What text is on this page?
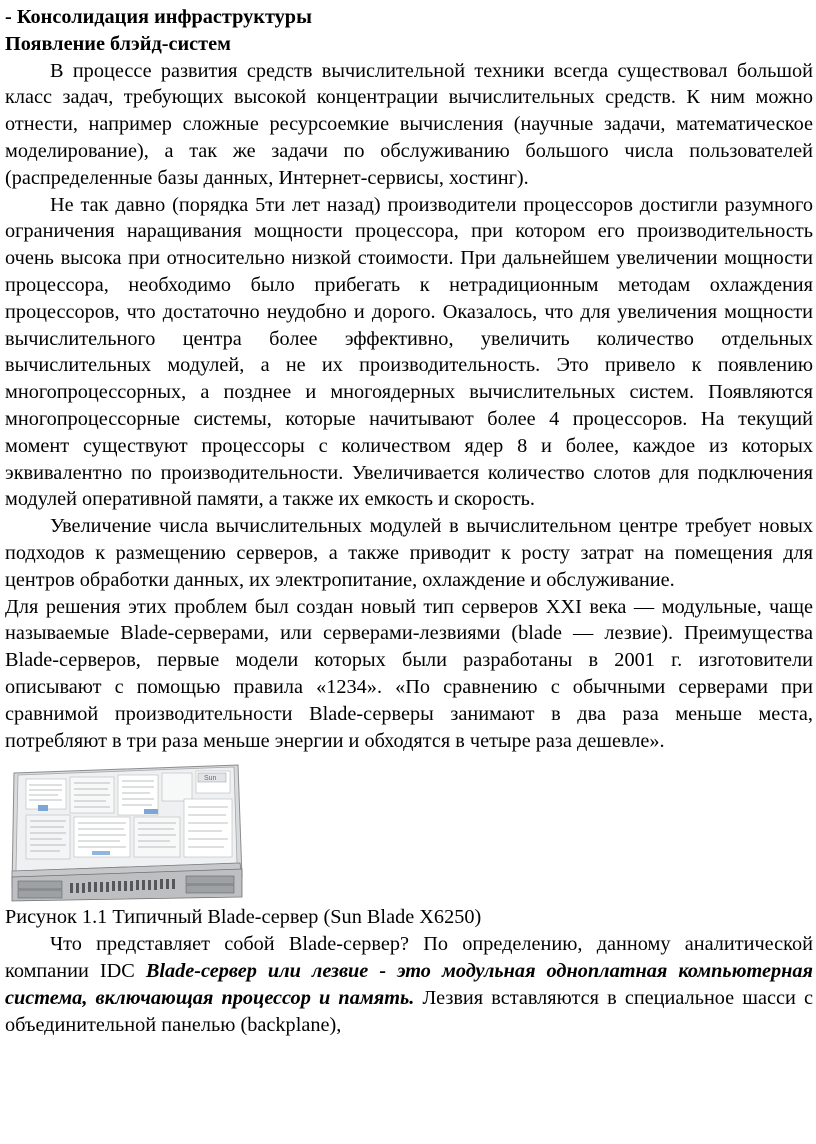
- Консолидация инфраструктуры

Появление блэйд-систем

В процессе развития средств вычислительной техники всегда существовал большой класс задач, требующих высокой концентрации вычислительных средств. К ним можно отнести, например сложные ресурсоемкие вычисления (научные задачи, математическое моделирование), а так же задачи по обслуживанию большого числа пользователей (распределенные базы данных, Интернет-сервисы, хостинг).

Не так давно (порядка 5ти лет назад) производители процессоров достигли разумного ограничения наращивания мощности процессора, при котором его производительность очень высока при относительно низкой стоимости. При дальнейшем увеличении мощности процессора, необходимо было прибегать к нетрадиционным методам охлаждения процессоров, что достаточно неудобно и дорого. Оказалось, что для увеличения мощности вычислительного центра более эффективно, увеличить количество отдельных вычислительных модулей, а не их производительность. Это привело к появлению многопроцессорных, а позднее и многоядерных вычислительных систем. Появляются многопроцессорные системы, которые начитывают более 4 процессоров. На текущий момент существуют процессоры с количеством ядер 8 и более, каждое из которых эквивалентно по производительности. Увеличивается количество слотов для подключения модулей оперативной памяти, а также их емкость и скорость.

Увеличение числа вычислительных модулей в вычислительном центре требует новых подходов к размещению серверов, а также приводит к росту затрат на помещения для центров обработки данных, их электропитание, охлаждение и обслуживание.

Для решения этих проблем был создан новый тип серверов XXI века — модульные, чаще называемые Blade-серверами, или серверами-лезвиями (blade — лезвие). Преимущества Blade-серверов, первые модели которых были разработаны в 2001 г. изготовители описывают с помощью правила «1234». «По сравнению с обычными серверами при сравнимой производительности Blade-серверы занимают в два раза меньше места, потребляют в три раза меньше энергии и обходятся в четыре раза дешевле».

Sun

Рисунок 1.1 Типичный Blade-сервер (Sun Blade X6250)

Что представляет собой Blade-сервер? По определению, данному аналитической компании IDC Blade-сервер или лезвие - это модульная одноплатная компьютерная система, включающая процессор и память. Лезвия вставляются в специальное шасси с объединительной панелью (backplane),
